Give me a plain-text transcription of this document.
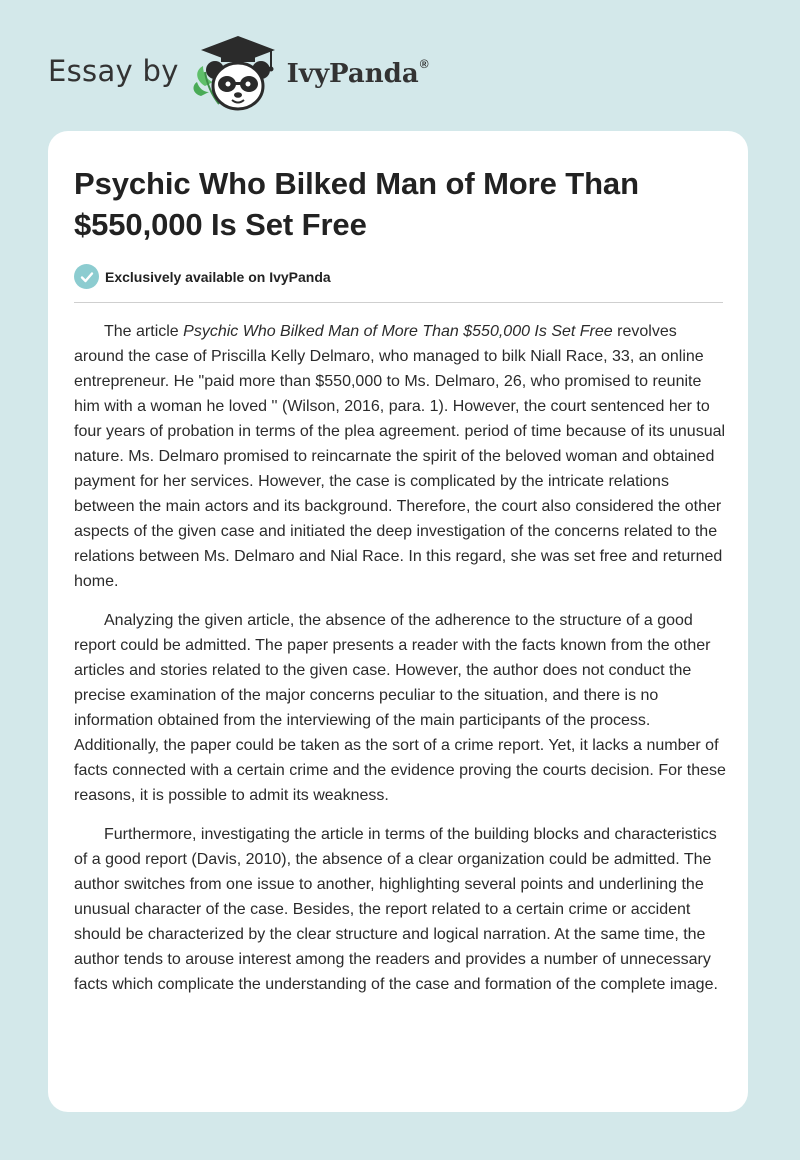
Essay by	IvyPanda®
Psychic Who Bilked Man of More Than $550,000 Is Set Free
Exclusively available on IvyPanda

The article Psychic Who Bilked Man of More Than $550,000 Is Set Free revolves around the case of Priscilla Kelly Delmaro, who managed to bilk Niall Race, 33, an online entrepreneur. He "paid more than $550,000 to Ms. Delmaro, 26, who promised to reunite him with a woman he loved '' (Wilson, 2016, para. 1). However, the court sentenced her to four years of probation in terms of the plea agreement. period of time because of its unusual nature. Ms. Delmaro promised to reincarnate the spirit of the beloved woman and obtained payment for her services. However, the case is complicated by the intricate relations between the main actors and its background. Therefore, the court also considered the other aspects of the given case and initiated the deep investigation of the concerns related to the relations between Ms. Delmaro and Nial Race. In this regard, she was set free and returned home.

Analyzing the given article, the absence of the adherence to the structure of a good report could be admitted. The paper presents a reader with the facts known from the other articles and stories related to the given case. However, the author does not conduct the precise examination of the major concerns peculiar to the situation, and there is no information obtained from the interviewing of the main participants of the process. Additionally, the paper could be taken as the sort of a crime report. Yet, it lacks a number of facts connected with a certain crime and the evidence proving the courts decision. For these reasons, it is possible to admit its weakness.

Furthermore, investigating the article in terms of the building blocks and characteristics of a good report (Davis, 2010), the absence of a clear organization could be admitted. The author switches from one issue to another, highlighting several points and underlining the unusual character of the case. Besides, the report related to a certain crime or accident should be characterized by the clear structure and logical narration. At the same time, the author tends to arouse interest among the readers and provides a number of unnecessary facts which complicate the understanding of the case and formation of the complete image.
